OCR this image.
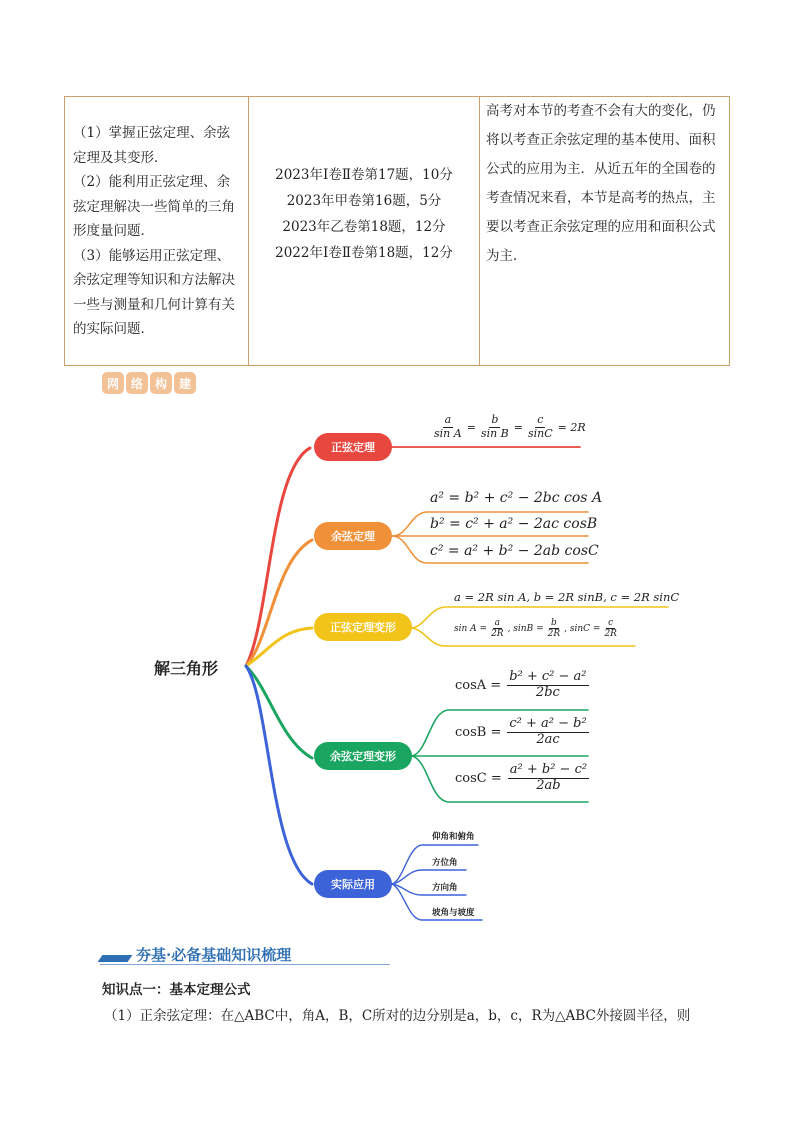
（1）掌握正弦定理、余弦定理及其变形．
（2）能利用正弦定理、余弦定理解决一些简单的三角形度量问题．
（3）能够运用正弦定理、余弦定理等知识和方法解决一些与测量和几何计算有关的实际问题．
2023年Ⅰ卷Ⅱ卷第17题，10分
2023年甲卷第16题，5分
2023年乙卷第18题，12分
2022年Ⅰ卷Ⅱ卷第18题，12分
高考对本节的考查不会有大的变化，仍将以考查正余弦定理的基本使用、面积公式的应用为主．从近五年的全国卷的考查情况来看，本节是高考的热点，主要以考查正余弦定理的应用和面积公式为主．
网 络 构 建
解三角形
正弦定理
余弦定理
正弦定理变形
余弦定理变形
实际应用
$\frac{a}{\text{sin A}} = \frac{b}{\text{sin B}} = \frac{c}{\sin C} = 2R$
a² = b² + c² − 2bc cos A
b² = c² + a² − 2ac cosB
c² = a² + b² − 2ab cosC
a = 2R sin A, b = 2R sinB, c = 2R sinC
$\sin A = \frac{a}{2R}$ , $\sin B = \frac{b}{2R}$ , $\sin C = \frac{c}{2R}$
$\cos A = \frac{\text{b² + c² − a²}}{2bc}$
$\cos B = \frac{\text{c² + a² − b²}}{2ac}$
$\cos C = \frac{\text{a² + b² − c²}}{2ab}$
仰角和俯角
方位角
方向角
坡角与坡度
夯基·必备基础知识梳理
知识点一：基本定理公式
（1）正余弦定理：在△ABC中，角A，B，C所对的边分别是a，b，c，R为△ABC外接圆半径，则
